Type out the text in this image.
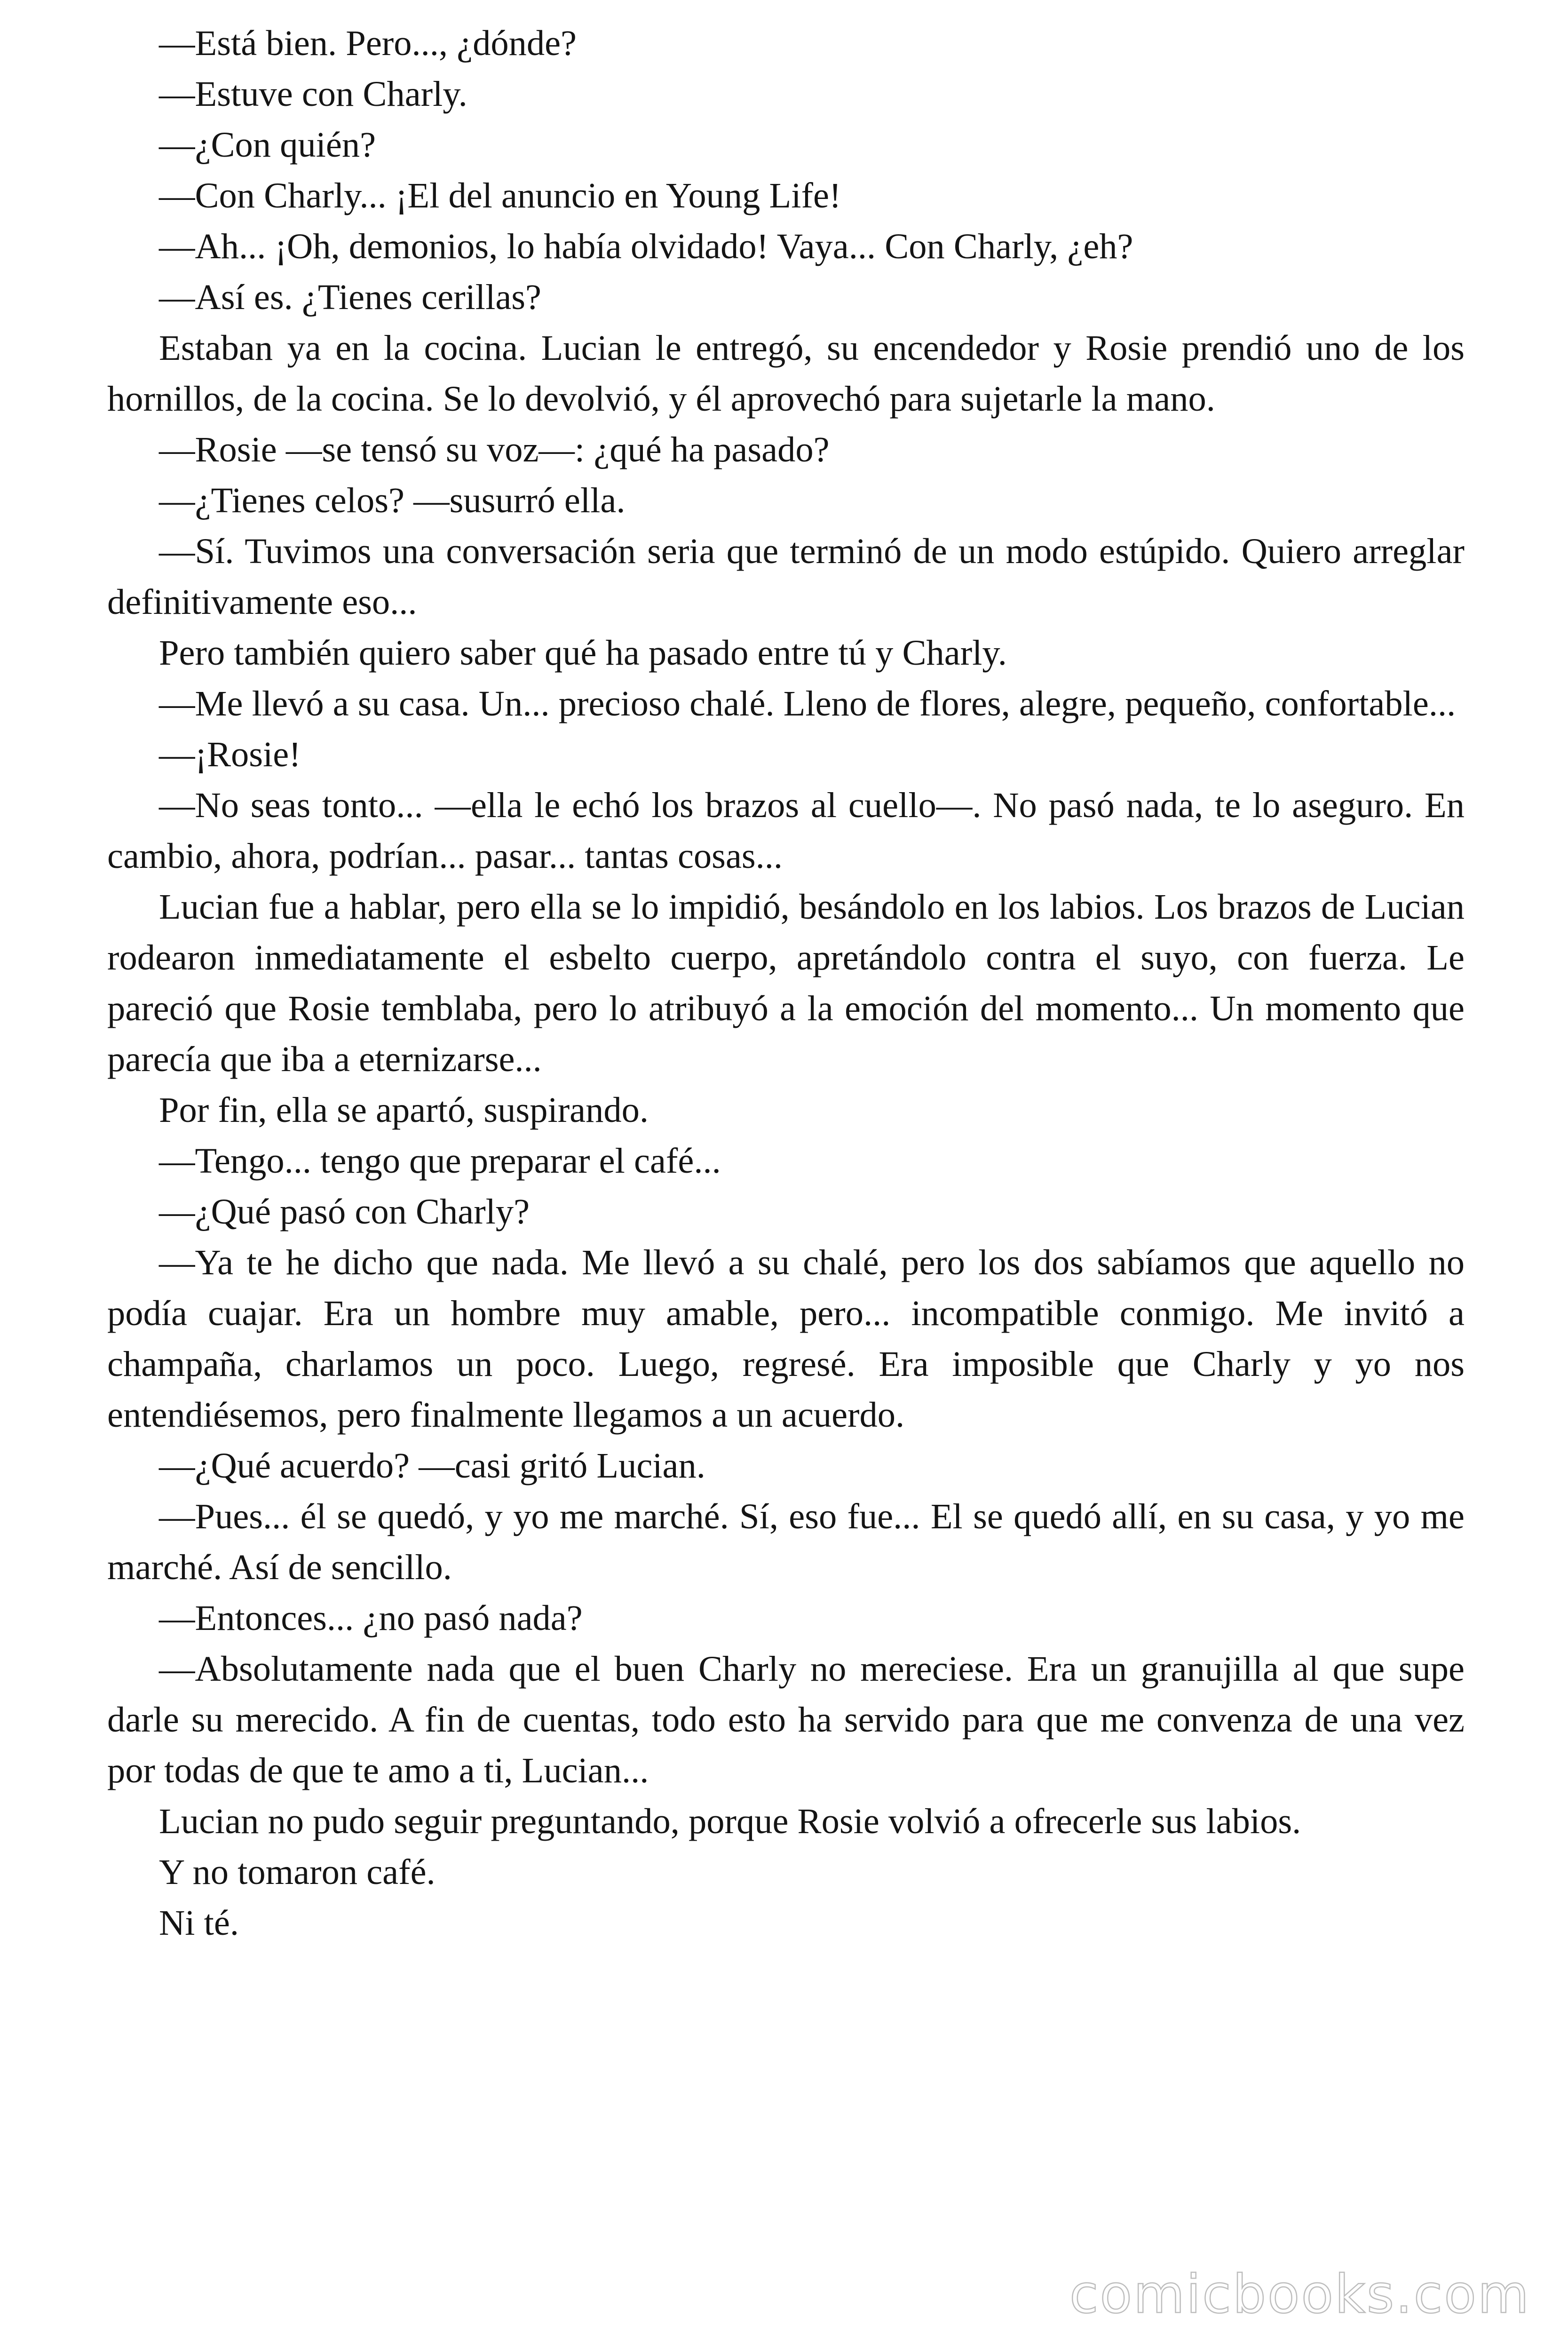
—Está bien. Pero..., ¿dónde?

—Estuve con Charly.

—¿Con quién?

—Con Charly... ¡El del anuncio en Young Life!

—Ah... ¡Oh, demonios, lo había olvidado! Vaya... Con Charly, ¿eh?

—Así es. ¿Tienes cerillas?

Estaban ya en la cocina. Lucian le entregó, su encendedor y Rosie prendió uno de los hornillos, de la cocina. Se lo devolvió, y él aprovechó para sujetarle la mano.

—Rosie —se tensó su voz—: ¿qué ha pasado?

—¿Tienes celos? —susurró ella.

—Sí. Tuvimos una conversación seria que terminó de un modo estúpido. Quiero arreglar definitivamente eso...

Pero también quiero saber qué ha pasado entre tú y Charly.

—Me llevó a su casa. Un... precioso chalé. Lleno de flores, alegre, pequeño, confortable...

—¡Rosie!

—No seas tonto... —ella le echó los brazos al cuello—. No pasó nada, te lo aseguro. En cambio, ahora, podrían... pasar... tantas cosas...

Lucian fue a hablar, pero ella se lo impidió, besándolo en los labios. Los brazos de Lucian rodearon inmediatamente el esbelto cuerpo, apretándolo contra el suyo, con fuerza. Le pareció que Rosie temblaba, pero lo atribuyó a la emoción del momento... Un momento que parecía que iba a eternizarse...

Por fin, ella se apartó, suspirando.

—Tengo... tengo que preparar el café...

—¿Qué pasó con Charly?

—Ya te he dicho que nada. Me llevó a su chalé, pero los dos sabíamos que aquello no podía cuajar. Era un hombre muy amable, pero... incompatible conmigo. Me invitó a champaña, charlamos un poco. Luego, regresé. Era imposible que Charly y yo nos entendiésemos, pero finalmente llegamos a un acuerdo.

—¿Qué acuerdo? —casi gritó Lucian.

—Pues... él se quedó, y yo me marché. Sí, eso fue... El se quedó allí, en su casa, y yo me marché. Así de sencillo.

—Entonces... ¿no pasó nada?

—Absolutamente nada que el buen Charly no mereciese. Era un granujilla al que supe darle su merecido. A fin de cuentas, todo esto ha servido para que me convenza de una vez por todas de que te amo a ti, Lucian...

Lucian no pudo seguir preguntando, porque Rosie volvió a ofrecerle sus labios.

Y no tomaron café.

Ni té.

comicbooks.com
